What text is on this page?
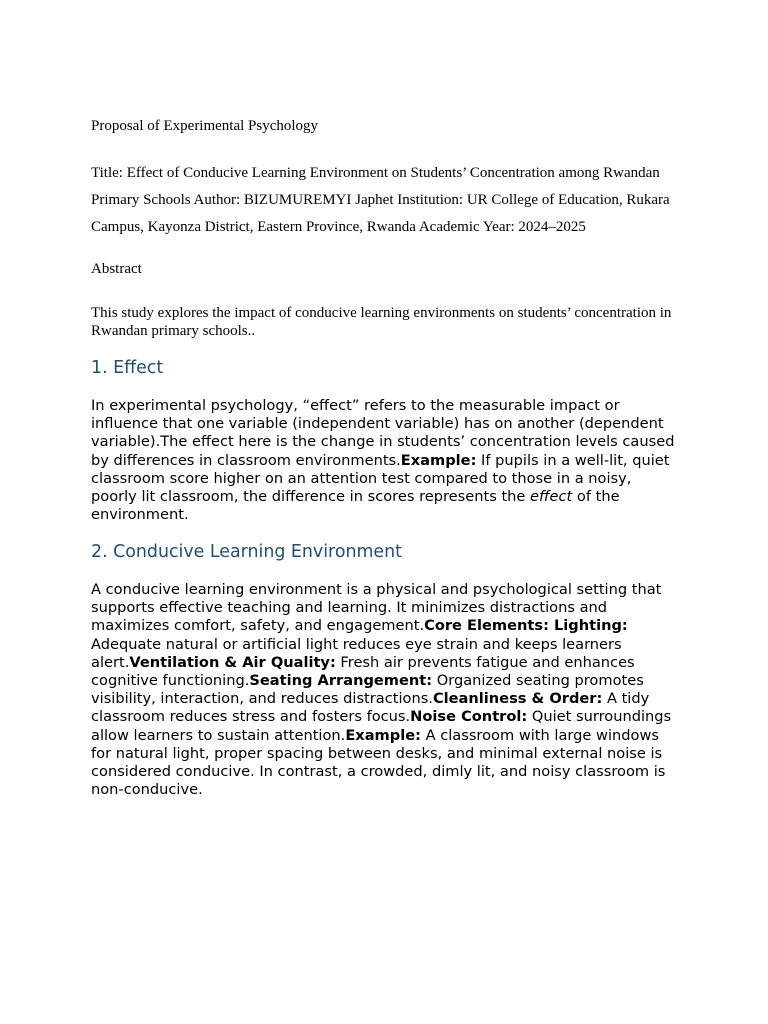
Proposal of Experimental Psychology

Title: Effect of Conducive Learning Environment on Students’ Concentration among Rwandan Primary Schools Author: BIZUMUREMYI Japhet Institution: UR College of Education, Rukara Campus, Kayonza District, Eastern Province, Rwanda Academic Year: 2024–2025

Abstract

This study explores the impact of conducive learning environments on students’ concentration in Rwandan primary schools..

1. Effect

In experimental psychology, “effect” refers to the measurable impact or influence that one variable (independent variable) has on another (dependent variable).The effect here is the change in students’ concentration levels caused by differences in classroom environments.Example: If pupils in a well-lit, quiet classroom score higher on an attention test compared to those in a noisy, poorly lit classroom, the difference in scores represents the effect of the environment.

2. Conducive Learning Environment

A conducive learning environment is a physical and psychological setting that supports effective teaching and learning. It minimizes distractions and maximizes comfort, safety, and engagement.Core Elements: Lighting: Adequate natural or artificial light reduces eye strain and keeps learners alert.Ventilation & Air Quality: Fresh air prevents fatigue and enhances cognitive functioning.Seating Arrangement: Organized seating promotes visibility, interaction, and reduces distractions.Cleanliness & Order: A tidy classroom reduces stress and fosters focus.Noise Control: Quiet surroundings allow learners to sustain attention.Example: A classroom with large windows for natural light, proper spacing between desks, and minimal external noise is considered conducive. In contrast, a crowded, dimly lit, and noisy classroom is non-conducive.
